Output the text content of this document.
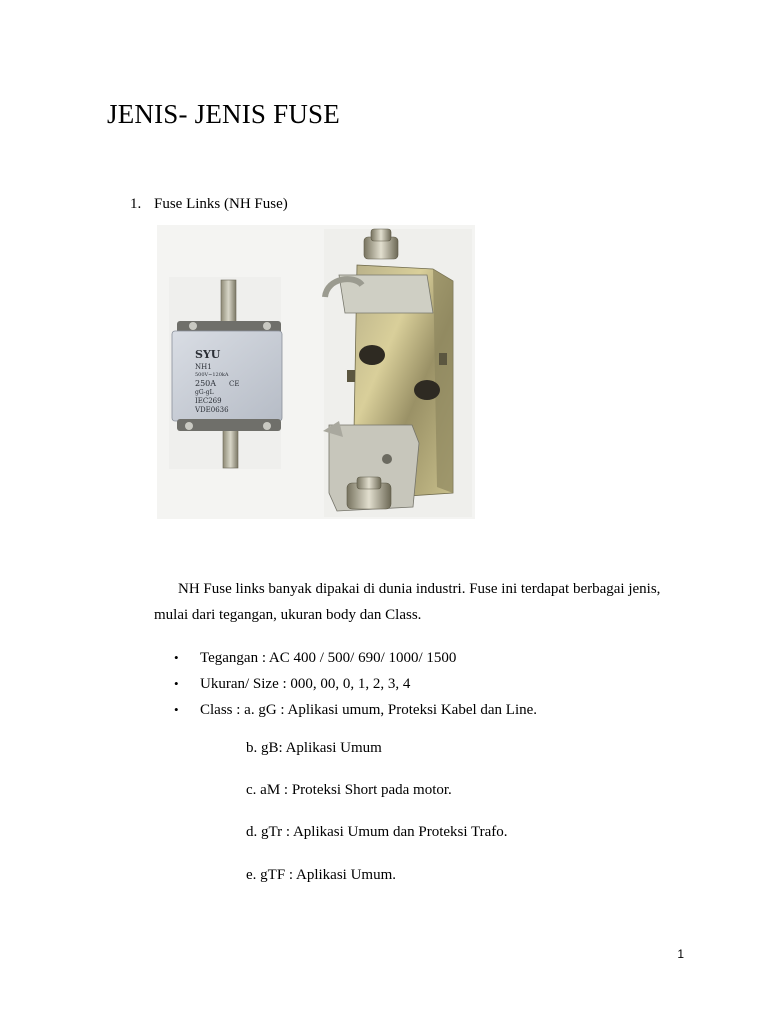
JENIS- JENIS FUSE
1. Fuse Links (NH Fuse)
SYU
NH1
500V~120kA
250A CE
gG-gL
IEC269
VDE0636
NH Fuse links banyak dipakai di dunia industri. Fuse ini terdapat berbagai jenis,
mulai dari tegangan, ukuran body dan Class.
• Tegangan : AC 400 / 500/ 690/ 1000/ 1500
• Ukuran/ Size : 000, 00, 0, 1, 2, 3, 4
• Class : a. gG : Aplikasi umum, Proteksi Kabel dan Line.
b. gB: Aplikasi Umum
c. aM : Proteksi Short pada motor.
d. gTr : Aplikasi Umum dan Proteksi Trafo.
e. gTF : Aplikasi Umum.
1
